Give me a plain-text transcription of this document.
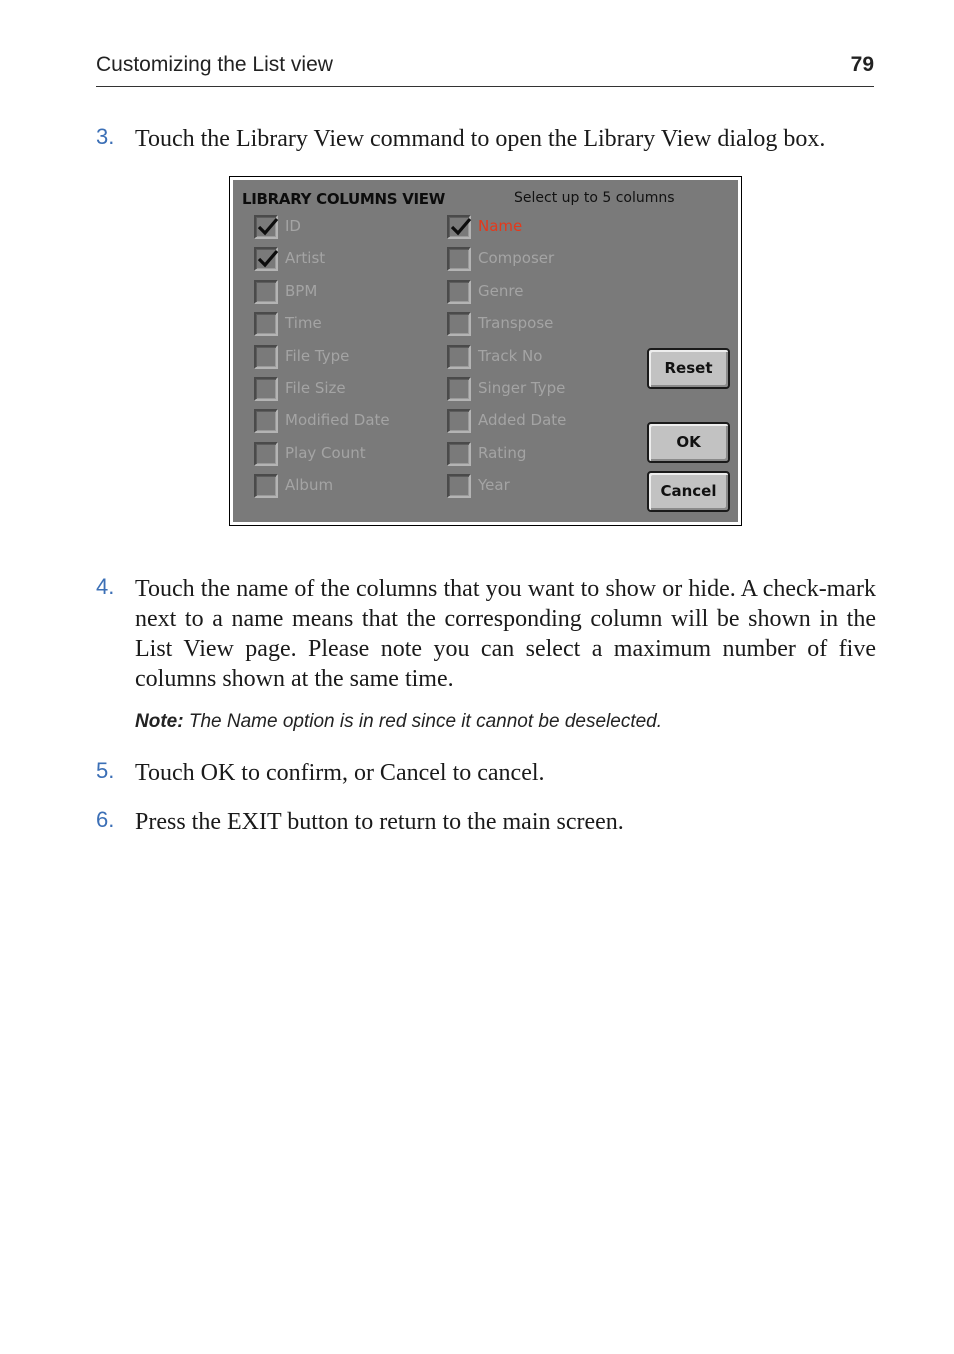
Customizing the List view	79
3. Touch the Library View command to open the Library View dialog box.
LIBRARY COLUMNS VIEW	Select up to 5 columns
ID
Artist
BPM
Time
File Type
File Size
Modified Date
Play Count
Album
Name
Composer
Genre
Transpose
Track No
Singer Type
Added Date
Rating
Year
Reset
OK
Cancel
4. Touch the name of the columns that you want to show or hide. A check-mark next to a name means that the corresponding column will be shown in the List View page. Please note you can select a maximum number of five columns shown at the same time.
Note: The Name option is in red since it cannot be deselected.
5. Touch OK to confirm, or Cancel to cancel.
6. Press the EXIT button to return to the main screen.
